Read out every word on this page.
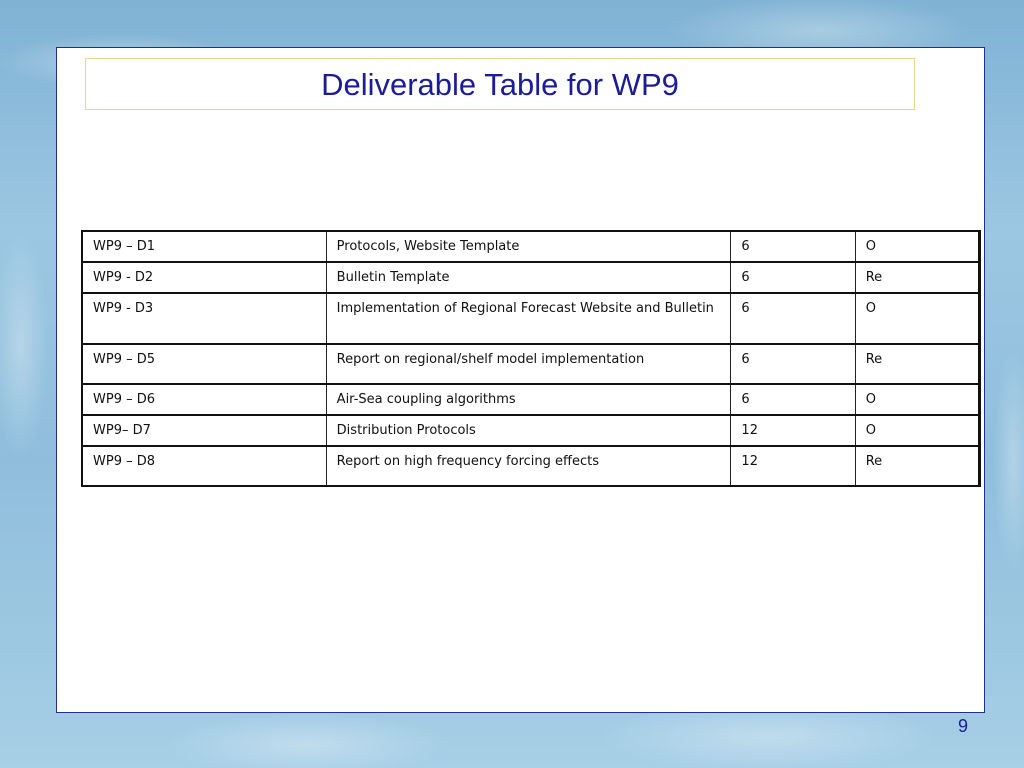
Deliverable Table for WP9
WP9 – D1	Protocols, Website Template	6	O
WP9 - D2	Bulletin Template	6	Re
WP9 - D3	Implementation of Regional Forecast Website and Bulletin	6	O
WP9 – D5	Report on regional/shelf model implementation	6	Re
WP9 – D6	Air-Sea coupling algorithms	6	O
WP9– D7	Distribution Protocols	12	O
WP9 – D8	Report on high frequency forcing effects	12	Re
9
